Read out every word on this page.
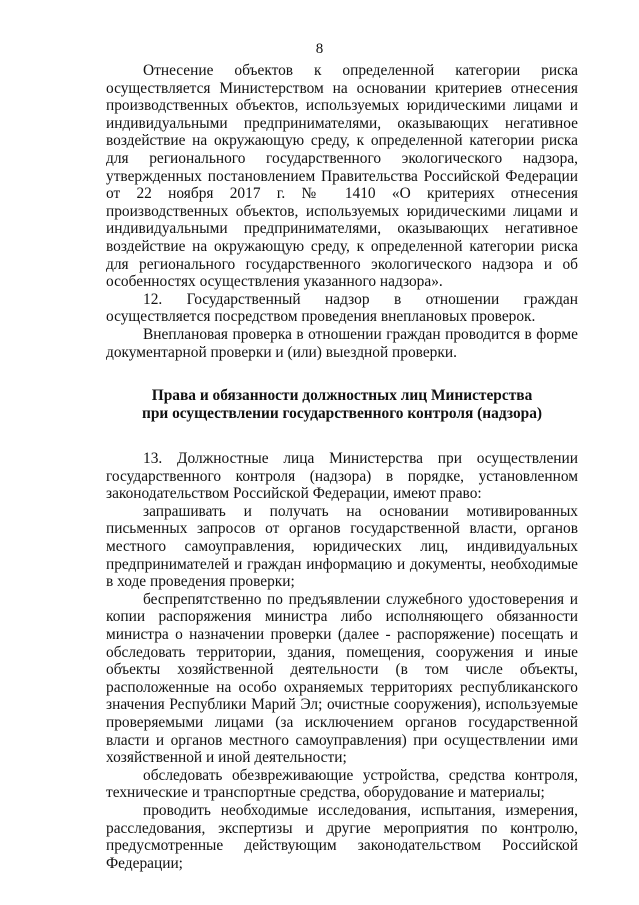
8

Отнесение объектов к определенной категории риска осуществляется Министерством на основании критериев отнесения производственных объектов, используемых юридическими лицами и индивидуальными предпринимателями, оказывающих негативное воздействие на окружающую среду, к определенной категории риска для регионального государственного экологического надзора, утвержденных постановлением Правительства Российской Федерации от 22 ноября 2017 г. № 1410 «О критериях отнесения производственных объектов, используемых юридическими лицами и индивидуальными предпринимателями, оказывающих негативное воздействие на окружающую среду, к определенной категории риска для регионального государственного экологического надзора и об особенностях осуществления указанного надзора».

12. Государственный надзор в отношении граждан осуществляется посредством проведения внеплановых проверок.

Внеплановая проверка в отношении граждан проводится в форме документарной проверки и (или) выездной проверки.

Права и обязанности должностных лиц Министерства
при осуществлении государственного контроля (надзора)

13. Должностные лица Министерства при осуществлении государственного контроля (надзора) в порядке, установленном законодательством Российской Федерации, имеют право:

запрашивать и получать на основании мотивированных письменных запросов от органов государственной власти, органов местного самоуправления, юридических лиц, индивидуальных предпринимателей и граждан информацию и документы, необходимые в ходе проведения проверки;

беспрепятственно по предъявлении служебного удостоверения и копии распоряжения министра либо исполняющего обязанности министра о назначении проверки (далее - распоряжение) посещать и обследовать территории, здания, помещения, сооружения и иные объекты хозяйственной деятельности (в том числе объекты, расположенные на особо охраняемых территориях республиканского значения Республики Марий Эл; очистные сооружения), используемые проверяемыми лицами (за исключением органов государственной власти и органов местного самоуправления) при осуществлении ими хозяйственной и иной деятельности;

обследовать обезвреживающие устройства, средства контроля, технические и транспортные средства, оборудование и материалы;

проводить необходимые исследования, испытания, измерения, расследования, экспертизы и другие мероприятия по контролю, предусмотренные действующим законодательством Российской Федерации;
